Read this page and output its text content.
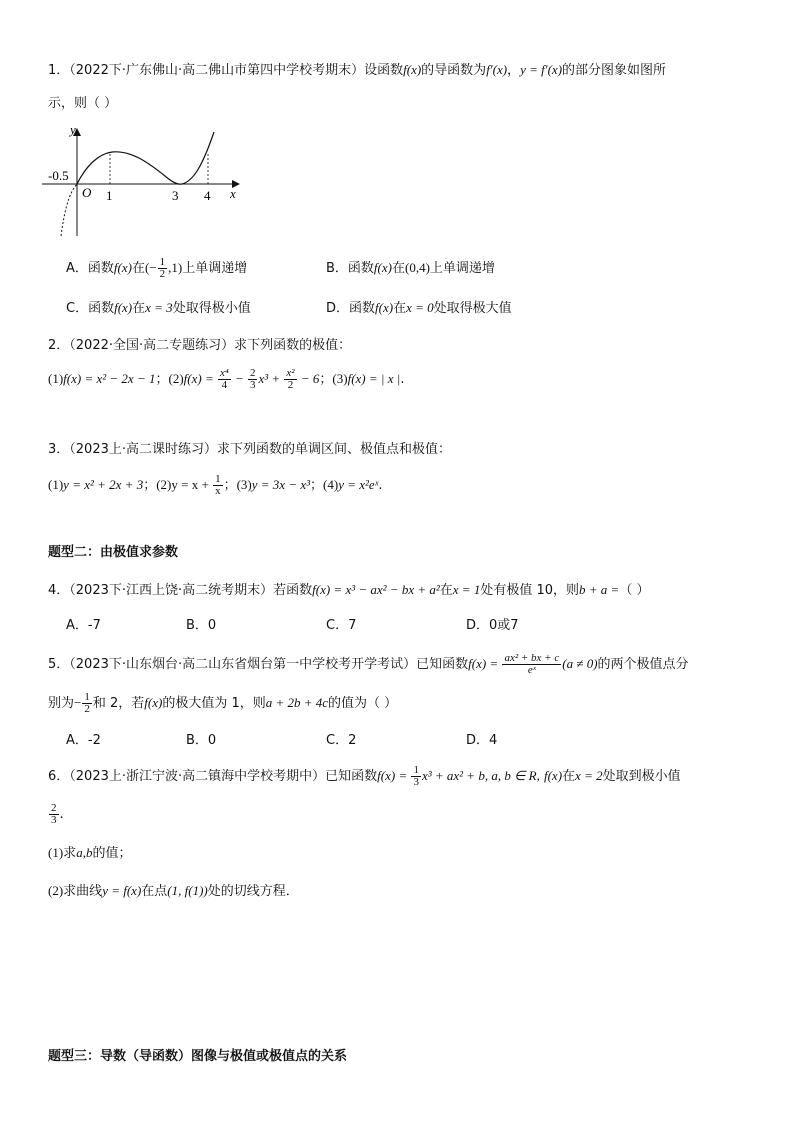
1．（2022下·广东佛山·高二佛山市第四中学校考期末）设函数f(x)的导函数为f′(x)，y = f′(x)的部分图象如图所
示，则（ ）
y
x
O
-0.5
1	3 4
A．函数f(x)在(− $\frac{1}{2} ,1$)上单调递增	B．函数f(x)在(0,4)上单调递增
C．函数f(x)在x = 3处取得极小值	D．函数f(x)在x = 0处取得极大值
2．（2022·全国·高二专题练习）求下列函数的极值：
(1)f(x) = x² − 2x − 1；$(2)f(x) = \frac{\text{x⁴}}{4} - \frac{2}{3} x^3 + \frac{\text{x²}}{2} - 6$；(3)f(x) = | x |.
3．（2023上·高二课时练习）求下列函数的单调区间、极值点和极值：
(1)y = x² + 2x + 3；$(2)y = x + \frac{1}{x}$ ；(3)y = 3x − x³；(4)y = x²eˣ.
题型二：由极值求参数
4．（2023下·江西上饶·高二统考期末）若函数f(x) = x³ − ax² − bx + a²在x = 1处有极值 10，则b + a =（ ）
A．-7	B．0	C．7	D．0或7
5．（2023下·山东烟台·高二山东省烟台第一中学校考开学考试）已知函数$f(x) = \frac{\text{ax² + bx + c}}{\text{eˣ}} (a \ne 0)$的两个极值点分
别为− $\frac{1}{2}$ 和 2，若f(x)的极大值为 1，则a + 2b + 4c的值为（ ）
A．-2	B．0	C．2	D．4
6．（2023上·浙江宁波·高二镇海中学校考期中）已知函数$f(x) = \frac{1}{3} x^3 + ax^2 + b$, a, b ∈ R, f(x)在x = 2处取到极小值
$\frac{2}{3}$ .
(1)求a,b的值；
(2)求曲线y = f(x)在点(1, f(1))处的切线方程．
题型三：导数（导函数）图像与极值或极值点的关系
